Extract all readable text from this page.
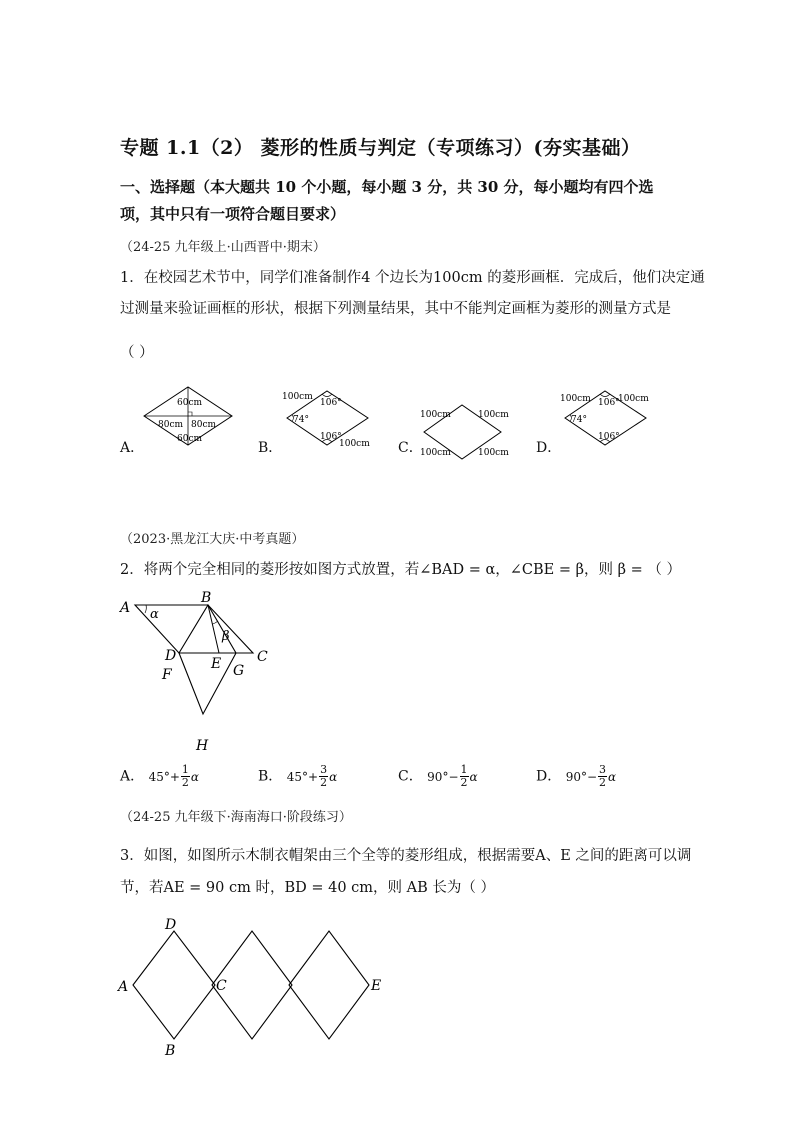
专题 1.1（2） 菱形的性质与判定（专项练习）(夯实基础）
一、选择题（本大题共 10 个小题，每小题 3 分，共 30 分，每小题均有四个选
项，其中只有一项符合题目要求）
（24-25 九年级上·山西晋中·期末）
1．在校园艺术节中，同学们准备制作4 个边长为100cm 的菱形画框．完成后，他们决定通
过测量来验证画框的形状，根据下列测量结果，其中不能判定画框为菱形的测量方式是
（ ）
A．
60cm
60cm
80cm 80cm
B．
100cm
100cm
74°
106°
106°
C．
100cm	100cm
100cm	100cm D．
100cm	100cm
74°
106°
106°
（2023·黑龙江大庆·中考真题）
2．将两个完全相同的菱形按如图方式放置，若∠BAD = α，∠CBE = β，则 β = （ ）
A
B
C
D E
F	G
H
α
β
A． $45^\circ+ \frac{1}{2}$ α	B． $45^\circ+ \frac{3}{2}$ α	C． $90^\circ- \frac{1}{2}$ α	D． $90^\circ- \frac{3}{2}$ α
（24-25 九年级下·海南海口·阶段练习）
3．如图，如图所示木制衣帽架由三个全等的菱形组成，根据需要A、E 之间的距离可以调
节，若AE = 90 cm 时，BD = 40 cm，则 AB 长为（ ）
A
B
C
D
E
